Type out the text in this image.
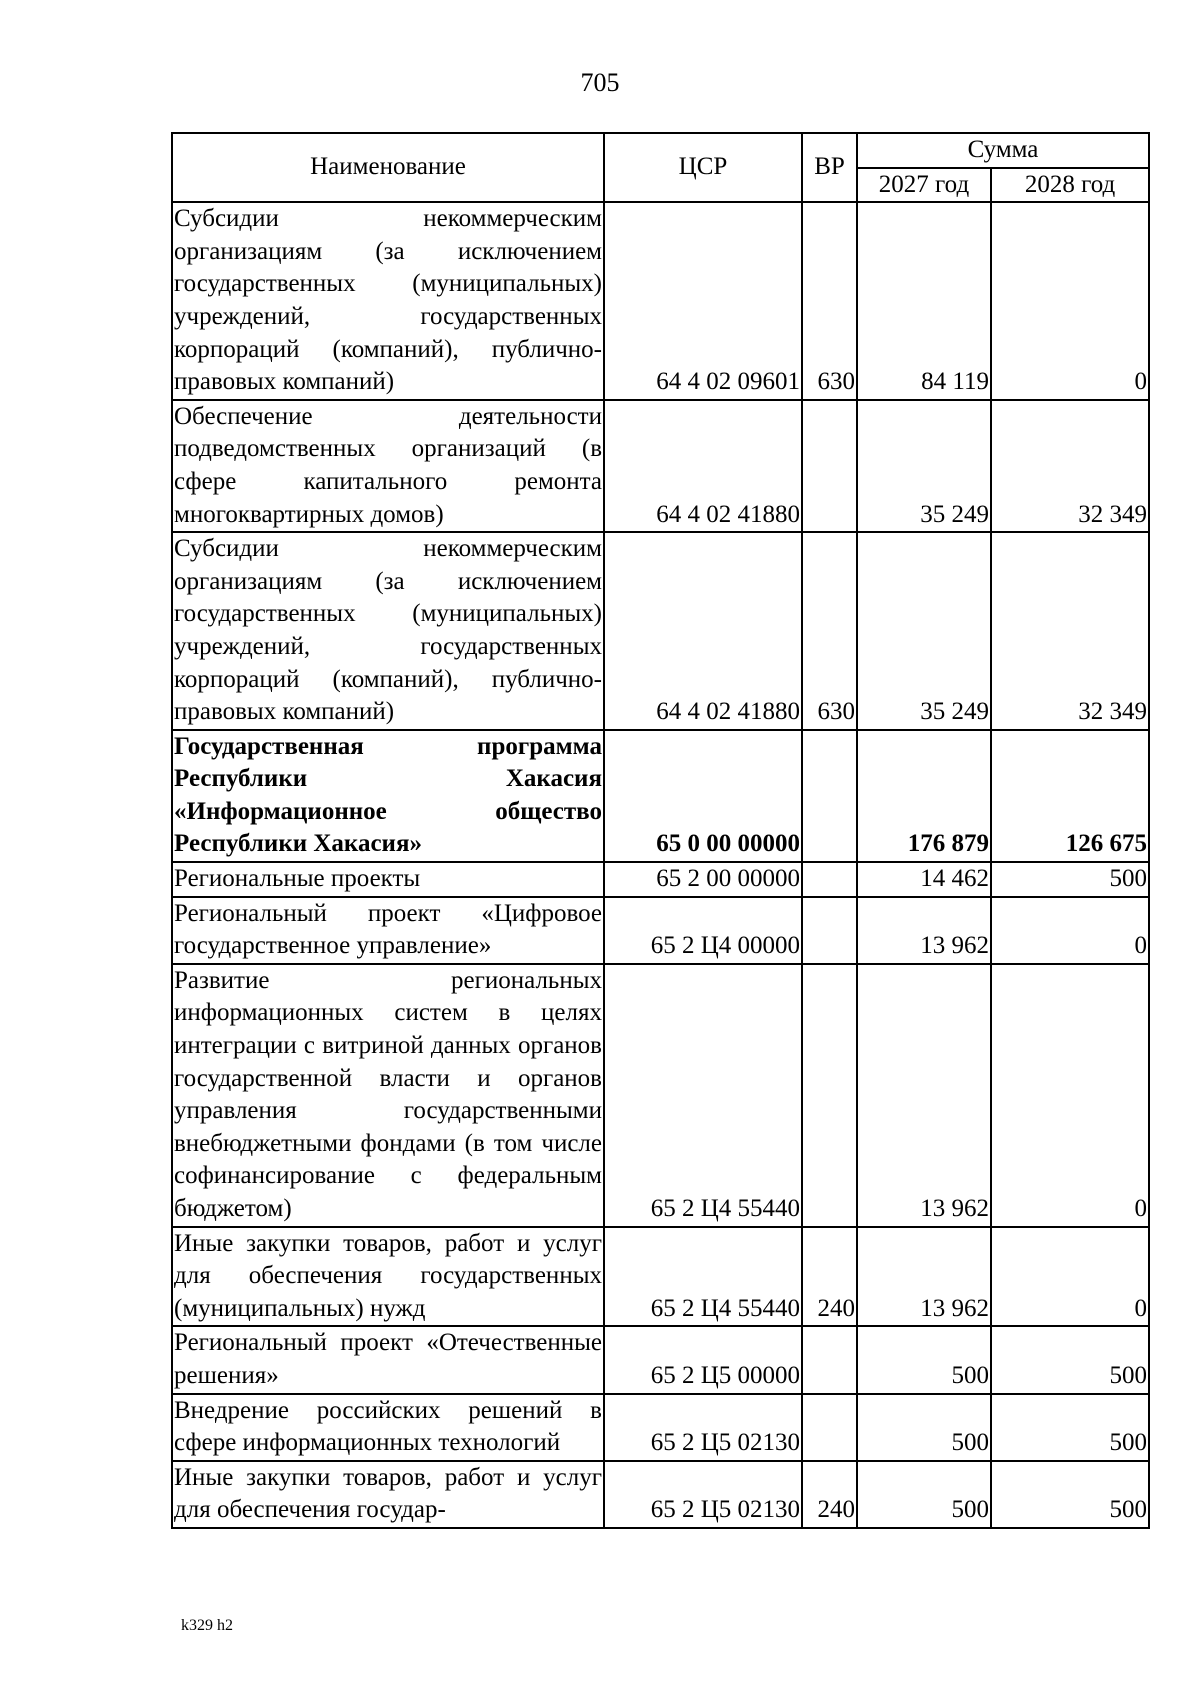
705
Наименование	ЦСР	ВР	Сумма	
			2027 год	2028 год
Субсидии некоммерческим организациям (за исключением государственных (муниципальных) учреждений, государственных корпораций (компаний), публично-правовых компаний)	64 4 02 09601	630	84 119	0
Обеспечение деятельности подведомственных организаций (в сфере капитального ремонта многоквартирных домов)	64 4 02 41880		35 249	32 349
Субсидии некоммерческим организациям (за исключением государственных (муниципальных) учреждений, государственных корпораций (компаний), публично-правовых компаний)	64 4 02 41880	630	35 249	32 349
Государственная программа Республики Хакасия «Информационное общество Республики Хакасия»	65 0 00 00000		176 879	126 675
Региональные проекты	65 2 00 00000		14 462	500
Региональный проект «Цифровое государственное управление»	65 2 Ц4 00000		13 962	0
Развитие региональных информационных систем в целях интеграции с витриной данных органов государственной власти и органов управления государственными внебюджетными фондами (в том числе софинансирование с федеральным бюджетом)	65 2 Ц4 55440		13 962	0
Иные закупки товаров, работ и услуг для обеспечения государственных (муниципальных) нужд	65 2 Ц4 55440	240	13 962	0
Региональный проект «Отечественные решения»	65 2 Ц5 00000		500	500
Внедрение российских решений в сфере информационных технологий	65 2 Ц5 02130		500	500
Иные закупки товаров, работ и услуг для обеспечения государ-	65 2 Ц5 02130	240	500	500
k329 h2
